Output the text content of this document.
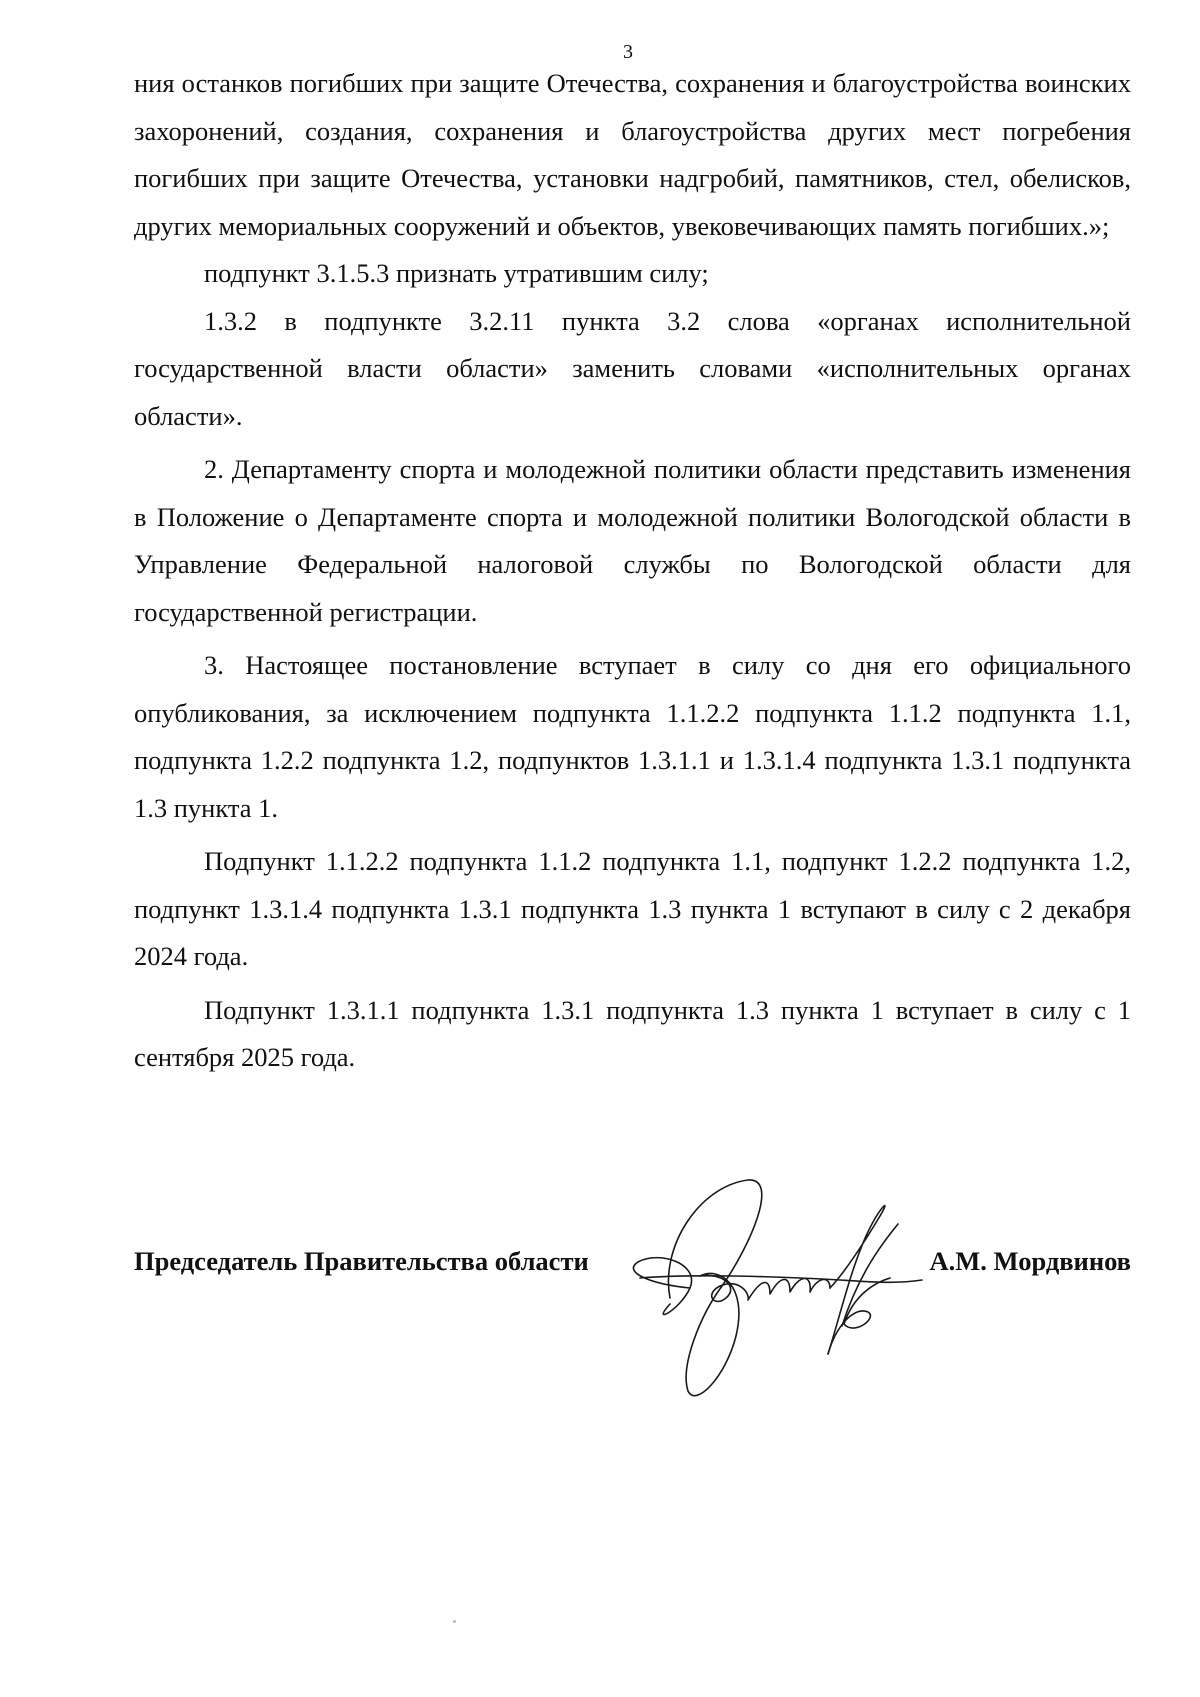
3

ния останков погибших при защите Отечества, сохранения и благоустройства воинских захоронений, создания, сохранения и благоустройства других мест погребения погибших при защите Отечества, установки надгробий, памятников, стел, обелисков, других мемориальных сооружений и объектов, увековечивающих память погибших.»;

подпункт 3.1.5.3 признать утратившим силу;

1.3.2 в подпункте 3.2.11 пункта 3.2 слова «органах исполнительной государственной власти области» заменить словами «исполнительных органах области».

2. Департаменту спорта и молодежной политики области представить изменения в Положение о Департаменте спорта и молодежной политики Вологодской области в Управление Федеральной налоговой службы по Вологодской области для государственной регистрации.

3. Настоящее постановление вступает в силу со дня его официального опубликования, за исключением подпункта 1.1.2.2 подпункта 1.1.2 подпункта 1.1, подпункта 1.2.2 подпункта 1.2, подпунктов 1.3.1.1 и 1.3.1.4 подпункта 1.3.1 подпункта 1.3 пункта 1.

Подпункт 1.1.2.2 подпункта 1.1.2 подпункта 1.1, подпункт 1.2.2 подпункта 1.2, подпункт 1.3.1.4 подпункта 1.3.1 подпункта 1.3 пункта 1 вступают в силу с 2 декабря 2024 года.

Подпункт 1.3.1.1 подпункта 1.3.1 подпункта 1.3 пункта 1 вступает в силу с 1 сентября 2025 года.

Председатель Правительства области	А.М. Мордвинов
